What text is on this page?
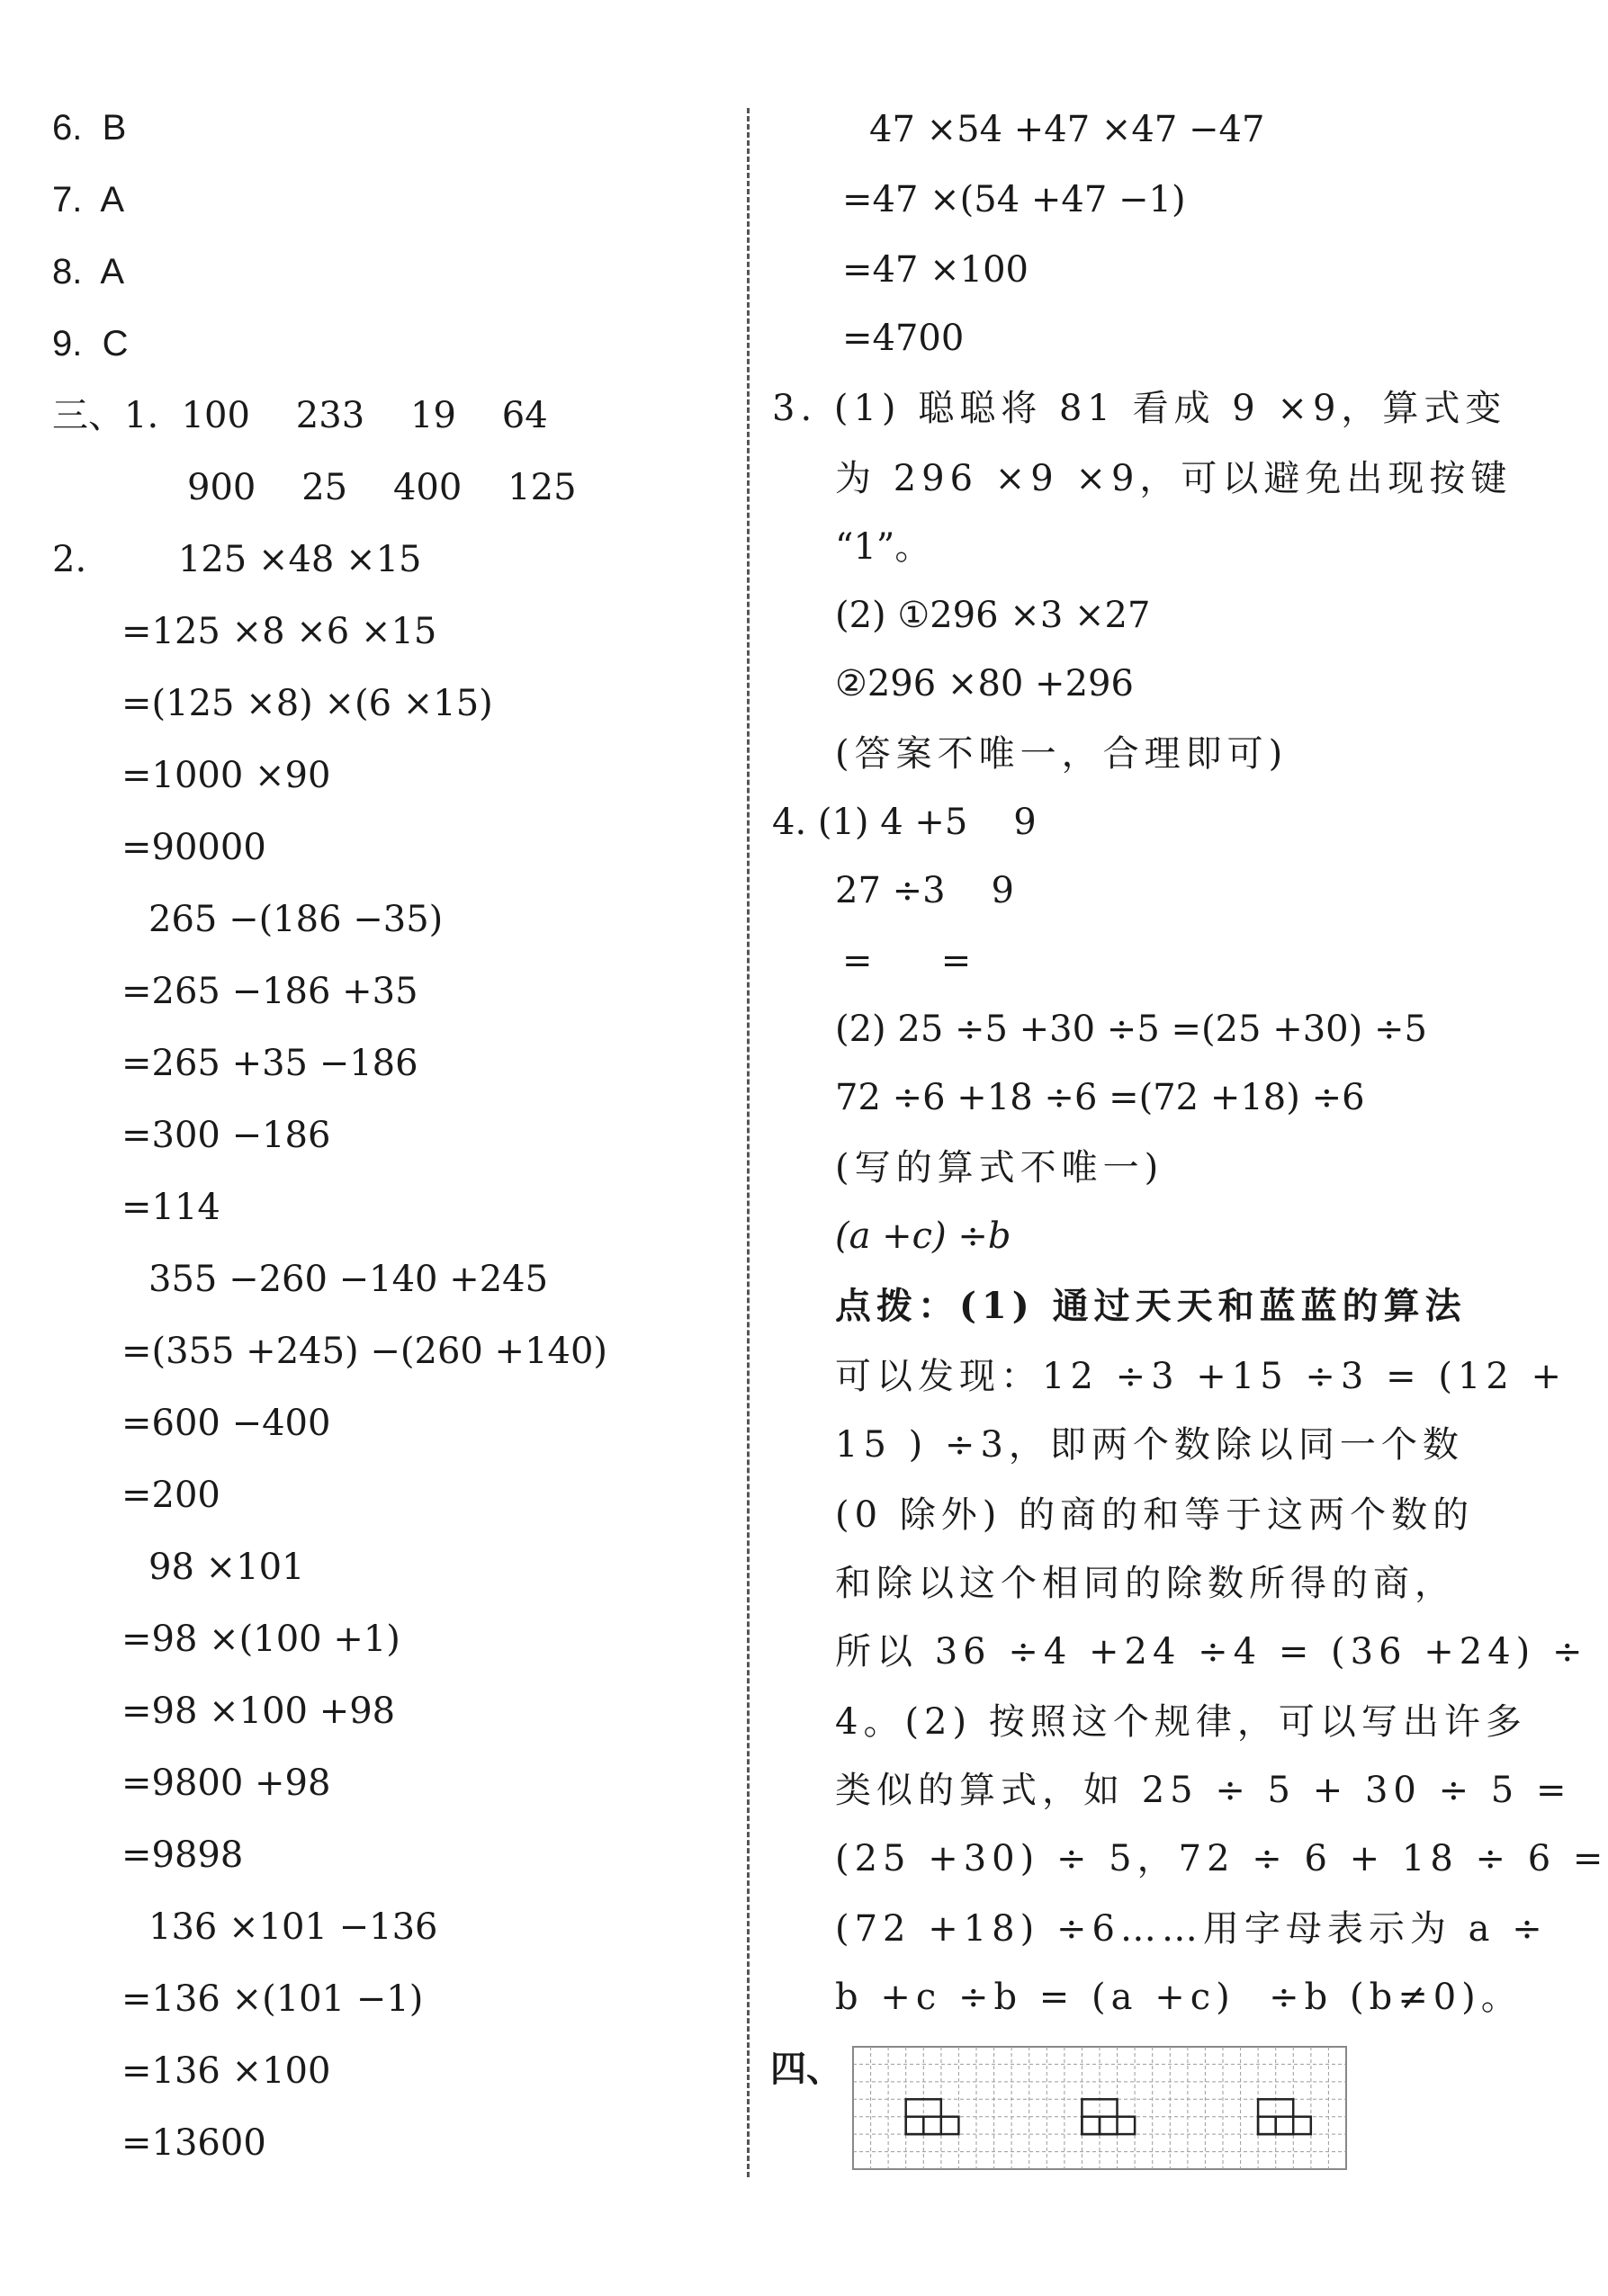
6.  B
7.  A
8.  A
9.  C
三、1.  100    233    19    64
900    25    400    125
2.        125 ×48 ×15
=125 ×8 ×6 ×15
=(125 ×8) ×(6 ×15)
=1000 ×90
=90000
265 −(186 −35)
=265 −186 +35
=265 +35 −186
=300 −186
=114
355 −260 −140 +245
=(355 +245) −(260 +140)
=600 −400
=200
98 ×101
=98 ×(100 +1)
=98 ×100 +98
=9800 +98
=9898
136 ×101 −136
=136 ×(101 −1)
=136 ×100
=13600
47 ×54 +47 ×47 −47
=47 ×(54 +47 −1)
=47 ×100
=4700
3. (1) 聪聪将 81 看成 9 ×9，算式变
为 296 ×9 ×9，可以避免出现按键
“1”。
(2) ①296 ×3 ×27
②296 ×80 +296
(答案不唯一，合理即可)
4. (1) 4 +5    9
27 ÷3    9
=      =
(2) 25 ÷5 +30 ÷5 =(25 +30) ÷5
72 ÷6 +18 ÷6 =(72 +18) ÷6
(写的算式不唯一)
(a +c) ÷b
点拨：(1) 通过天天和蓝蓝的算法
可以发现：12 ÷3 +15 ÷3 = (12 +
15 ) ÷3，即两个数除以同一个数
(0 除外) 的商的和等于这两个数的
和除以这个相同的除数所得的商，
所以 36 ÷4 +24 ÷4 = (36 +24) ÷
4。(2) 按照这个规律，可以写出许多
类似的算式，如 25 ÷ 5 + 30 ÷ 5 =
(25 +30) ÷ 5，72 ÷ 6 + 18 ÷ 6 =
(72 +18) ÷6……用字母表示为 a ÷
b +c ÷b = (a +c)  ÷b (b≠0)。
四、
